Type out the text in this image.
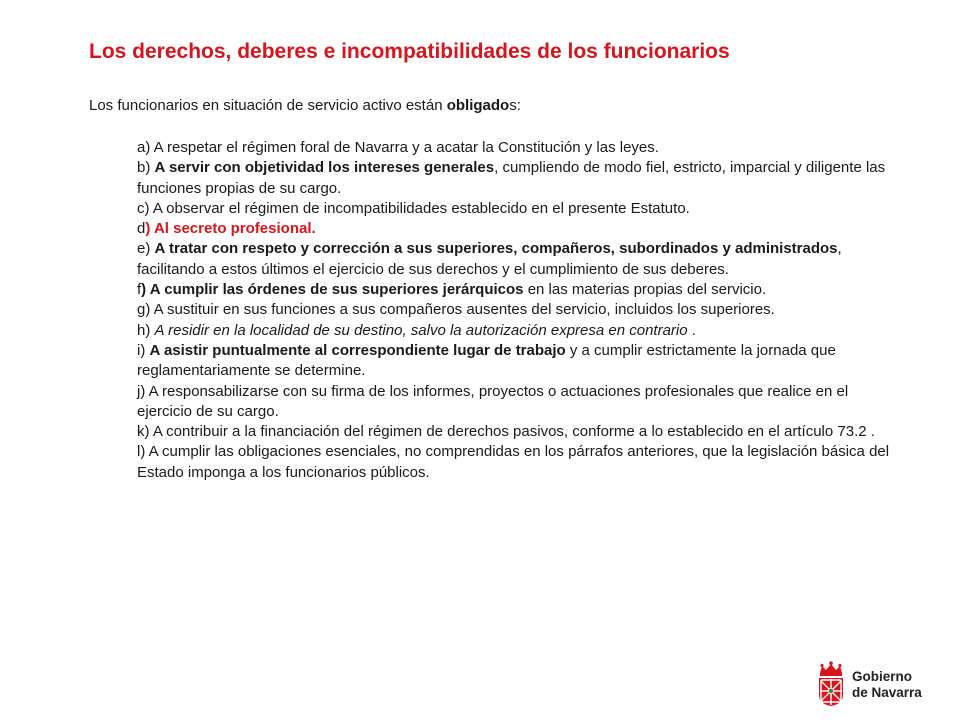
Los derechos, deberes e incompatibilidades de los funcionarios
Los funcionarios en situación de servicio activo están obligados:

a) A respetar el régimen foral de Navarra y a acatar la Constitución y las leyes.

b) A servir con objetividad los intereses generales, cumpliendo de modo fiel, estricto, imparcial y diligente las funciones propias de su cargo.

c) A observar el régimen de incompatibilidades establecido en el presente Estatuto.

d) Al secreto profesional.

e) A tratar con respeto y corrección a sus superiores, compañeros, subordinados y administrados, facilitando a estos últimos el ejercicio de sus derechos y el cumplimiento de sus deberes.

f) A cumplir las órdenes de sus superiores jerárquicos en las materias propias del servicio.

g) A sustituir en sus funciones a sus compañeros ausentes del servicio, incluidos los superiores.

h) A residir en la localidad de su destino, salvo la autorización expresa en contrario .

i) A asistir puntualmente al correspondiente lugar de trabajo y a cumplir estrictamente la jornada que reglamentariamente se determine.

j) A responsabilizarse con su firma de los informes, proyectos o actuaciones profesionales que realice en el ejercicio de su cargo.

k) A contribuir a la financiación del régimen de derechos pasivos, conforme a lo establecido en el artículo 73.2 .

l) A cumplir las obligaciones esenciales, no comprendidas en los párrafos anteriores, que la legislación básica del Estado imponga a los funcionarios públicos.

Gobierno
de Navarra
